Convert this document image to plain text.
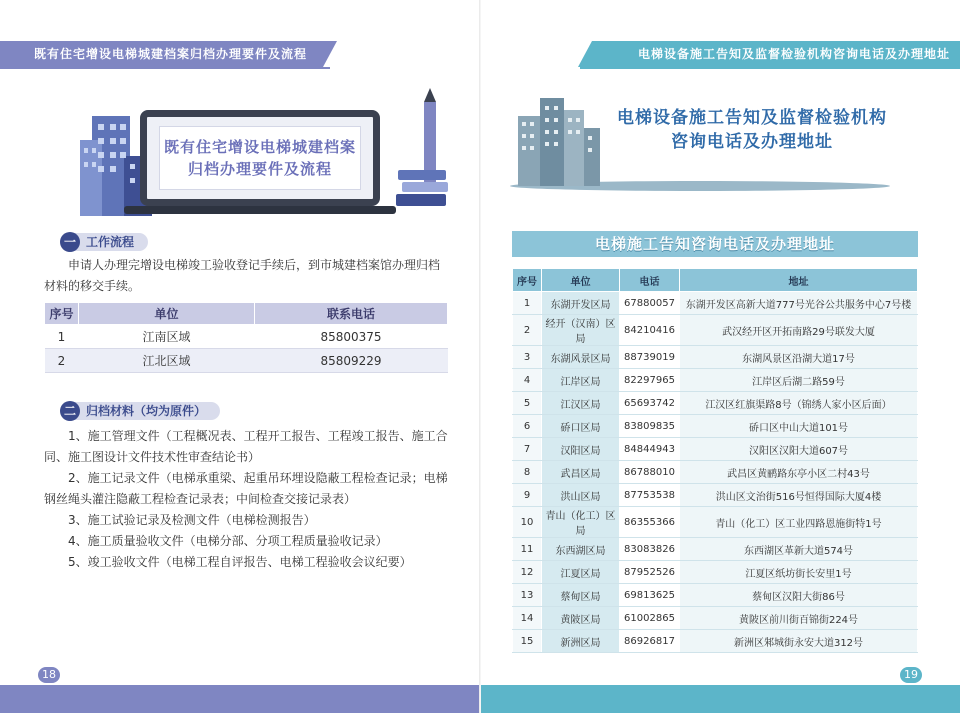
既有住宅增设电梯城建档案归档办理要件及流程
既有住宅增设电梯城建档案
归档办理要件及流程
一 工作流程
申请人办理完增设电梯竣工验收登记手续后，到市城建档案馆办理归档材料的移交手续。
序号	单位	联系电话
1	江南区域	85800375
2	江北区域	85809229
二 归档材料（均为原件）

1、施工管理文件（工程概况表、工程开工报告、工程竣工报告、施工合同、施工图设计文件技术性审查结论书）

2、施工记录文件（电梯承重梁、起重吊环埋设隐蔽工程检查记录；电梯钢丝绳头灌注隐蔽工程检查记录表；中间检查交接记录表）

3、施工试验记录及检测文件（电梯检测报告）

4、施工质量验收文件（电梯分部、分项工程质量验收记录）

5、竣工验收文件（电梯工程自评报告、电梯工程验收会议纪要）

18
电梯设备施工告知及监督检验机构咨询电话及办理地址
电梯设备施工告知及监督检验机构
咨询电话及办理地址
电梯施工告知咨询电话及办理地址
序号	单位	电话	地址
1	东湖开发区局	67880057	东湖开发区高新大道777号光谷公共服务中心7号楼
2	经开（汉南）区局	84210416	武汉经开区开拓南路29号联发大厦
3	东湖风景区局	88739019	东湖风景区沿湖大道17号
4	江岸区局	82297965	江岸区后湖二路59号
5	江汉区局	65693742	江汉区红旗渠路8号（锦绣人家小区后面）
6	硚口区局	83809835	硚口区中山大道101号
7	汉阳区局	84844943	汉阳区汉阳大道607号
8	武昌区局	86788010	武昌区黄鹂路东亭小区二村43号
9	洪山区局	87753538	洪山区文治街516号恒得国际大厦4楼
10	青山（化工）区局	86355366	青山（化工）区工业四路恩施街特1号
11	东西湖区局	83083826	东西湖区革新大道574号
12	江夏区局	87952526	江夏区纸坊街长安里1号
13	蔡甸区局	69813625	蔡甸区汉阳大街86号
14	黄陂区局	61002865	黄陂区前川街百锦街224号
15	新洲区局	86926817	新洲区邾城街永安大道312号
19
